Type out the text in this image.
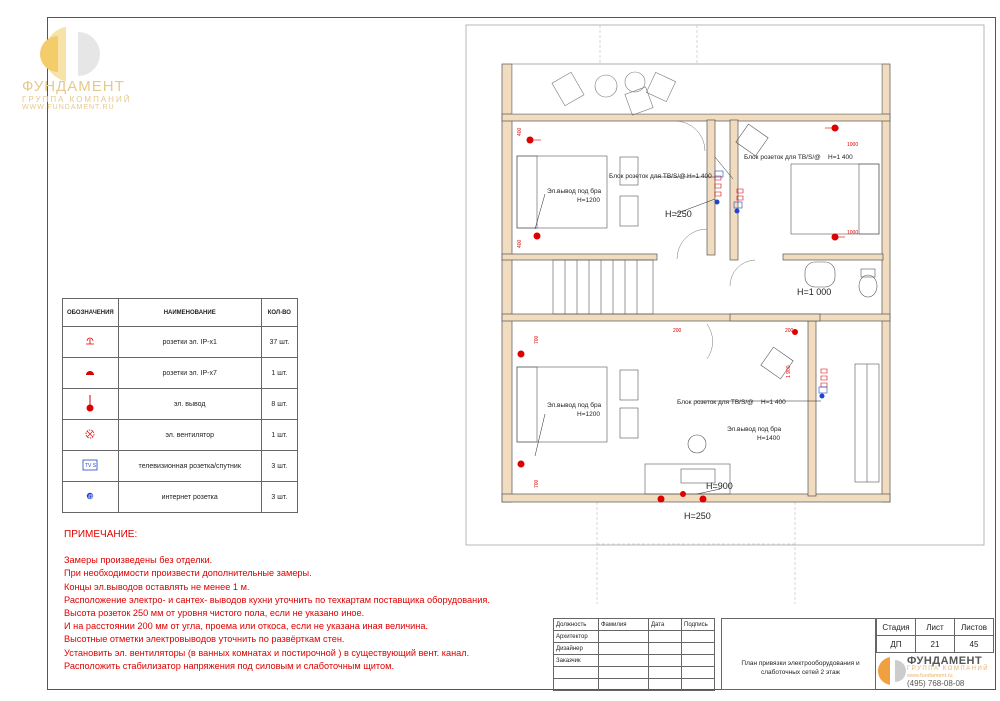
ФУНДАМЕНТ
ГРУППА КОМПАНИЙ
WWW.FUNDAMENT.RU
ОБОЗНАЧЕНИЯ	НАИМЕНОВАНИЕ	КОЛ-ВО
	розетки эл. IP-x1	37 шт.
	розетки эл. IP-x7	1 шт.
	эл. вывод	8 шт.
	эл. вентилятор	1 шт.

TV S	телевизионная розетка/спутник	3 шт.

@	интернет розетка	3 шт.
ПРИМЕЧАНИЕ:
Замеры произведены без отделки.
При необходимости произвести дополнительные замеры.
Концы эл.выводов оставлять не менее 1 м.
Расположение электро- и сантех- выводов кухни уточнить по техкартам поставщика оборудования.
Высота розеток 250 мм от уровня чистого пола, если не указано иное.
И на расстоянии 200 мм от угла, проема или откоса, если не указана иная величина.
Высотные отметки электровыводов уточнить по развёрткам стен.
Установить эл. вентиляторы (в ванных комнатах и постирочной ) в существующий вент. канал.
Расположить стабилизатор напряжения под силовым и слаботочным щитом.
Эл.вывод под бра
H=1200
Блок розеток для ТВ/S/@ H=1 400
Блок розеток для ТВ/S/@ H=1 400
H=250
H=1 000
Эл.вывод под бра
H=1200
Блок розеток для ТВ/S/@ H=1 400
Эл.вывод под бра
H=1400
H=900
H=250
1000
1000
400
400
700
700
200	200
1 900
Должность	Фамилия	Дата	Подпись
Архитектор			
Дизайнер			
Заказчик			

				План привязки электрооборудования и
слаботочных сетей 2 этаж
Стадия	Лист	Листов
ДП	21	45
ФУНДАМЕНТ
ГРУППА КОМПАНИЙ
www.fundament.ru
(495) 768-08-08
